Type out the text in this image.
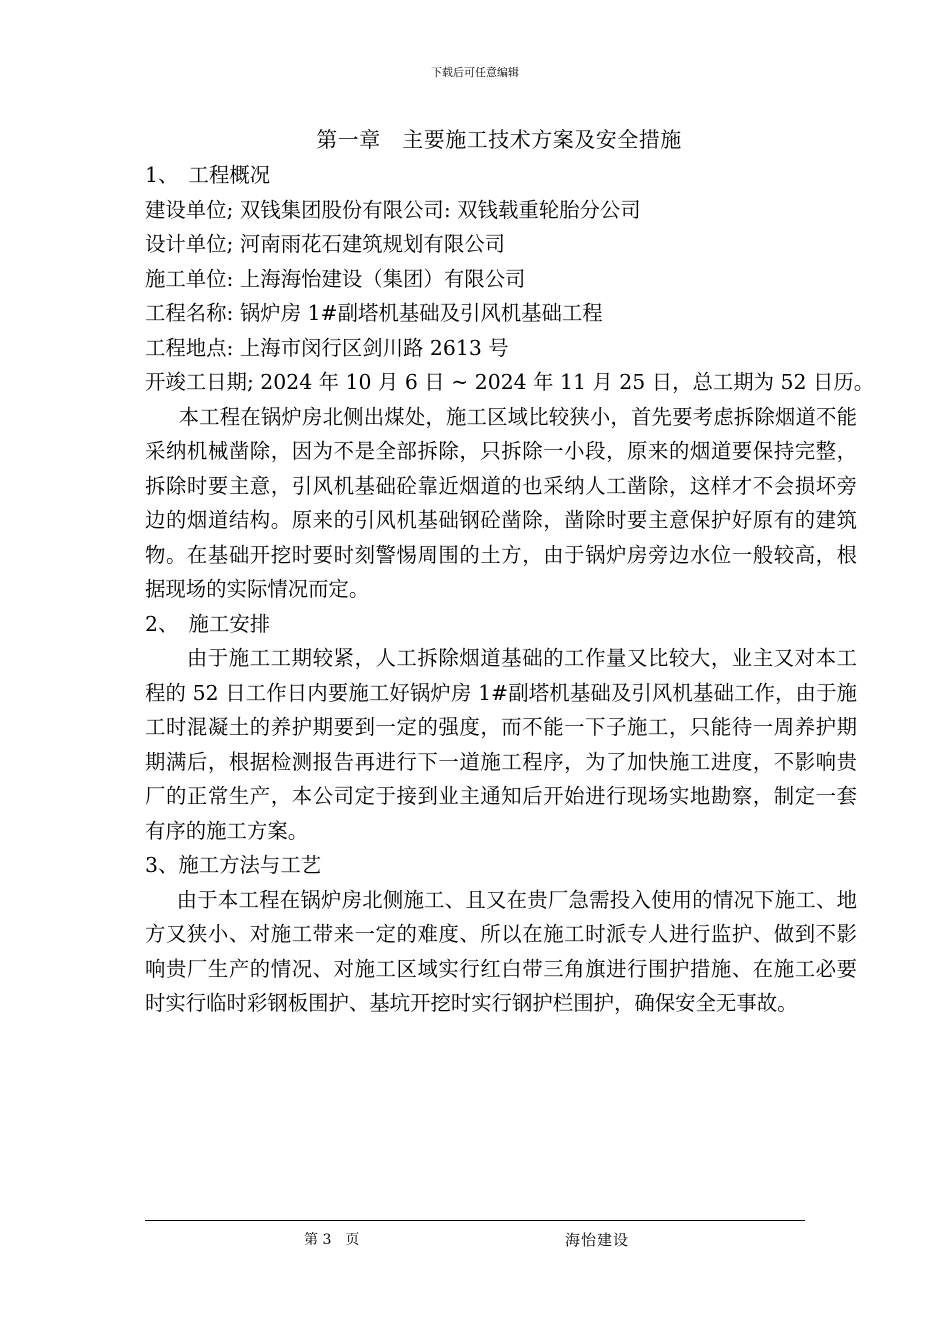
下载后可任意编辑
第一章　主要施工技术方案及安全措施
1、　工程概况
建设单位; 双钱集团股份有限公司: 双钱载重轮胎分公司
设计单位; 河南雨花石建筑规划有限公司
施工单位: 上海海怡建设（集团）有限公司
工程名称: 锅炉房 1#副塔机基础及引风机基础工程
工程地点: 上海市闵行区剑川路 2613 号
开竣工日期; 2024 年 10 月 6 日 ~ 2024 年 11 月 25 日，总工期为 52 日历。

本工程在锅炉房北侧出煤处，施工区域比较狭小，首先要考虑拆除烟道不能采纳机械凿除，因为不是全部拆除，只拆除一小段，原来的烟道要保持完整，拆除时要主意，引风机基础砼靠近烟道的也采纳人工凿除，这样才不会损坏旁边的烟道结构。原来的引风机基础钢砼凿除，凿除时要主意保护好原有的建筑物。在基础开挖时要时刻警惕周围的土方，由于锅炉房旁边水位一般较高，根据现场的实际情况而定。

2、　施工安排

由于施工工期较紧，人工拆除烟道基础的工作量又比较大，业主又对本工程的 52 日工作日内要施工好锅炉房 1#副塔机基础及引风机基础工作，由于施工时混凝土的养护期要到一定的强度，而不能一下子施工，只能待一周养护期期满后，根据检测报告再进行下一道施工程序，为了加快施工进度，不影响贵厂的正常生产，本公司定于接到业主通知后开始进行现场实地勘察，制定一套有序的施工方案。

3、施工方法与工艺

由于本工程在锅炉房北侧施工、且又在贵厂急需投入使用的情况下施工、地方又狭小、对施工带来一定的难度、所以在施工时派专人进行监护、做到不影响贵厂生产的情况、对施工区域实行红白带三角旗进行围护措施、在施工必要时实行临时彩钢板围护、基坑开挖时实行钢护栏围护，确保安全无事故。

第 3　页	海怡建设
